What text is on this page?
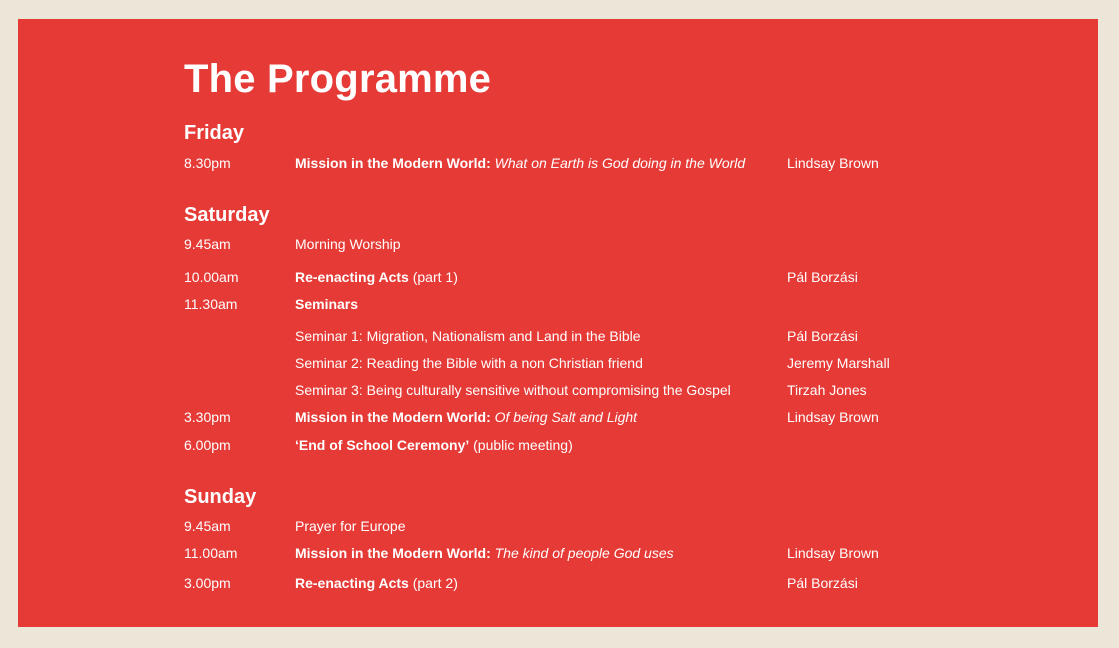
The Programme
Friday
8.30pm	Mission in the Modern World: What on Earth is God doing in the World	Lindsay Brown
Saturday
9.45am	Morning Worship
10.00am	Re-enacting Acts (part 1)	Pál Borzási
11.30am	Seminars
Seminar 1: Migration, Nationalism and Land in the Bible	Pál Borzási
Seminar 2: Reading the Bible with a non Christian friend	Jeremy Marshall
Seminar 3: Being culturally sensitive without compromising the Gospel	Tirzah Jones
3.30pm	Mission in the Modern World: Of being Salt and Light	Lindsay Brown
6.00pm	‘End of School Ceremony’ (public meeting)
Sunday
9.45am	Prayer for Europe
11.00am	Mission in the Modern World: The kind of people God uses	Lindsay Brown
3.00pm	Re-enacting Acts (part 2)	Pál Borzási
